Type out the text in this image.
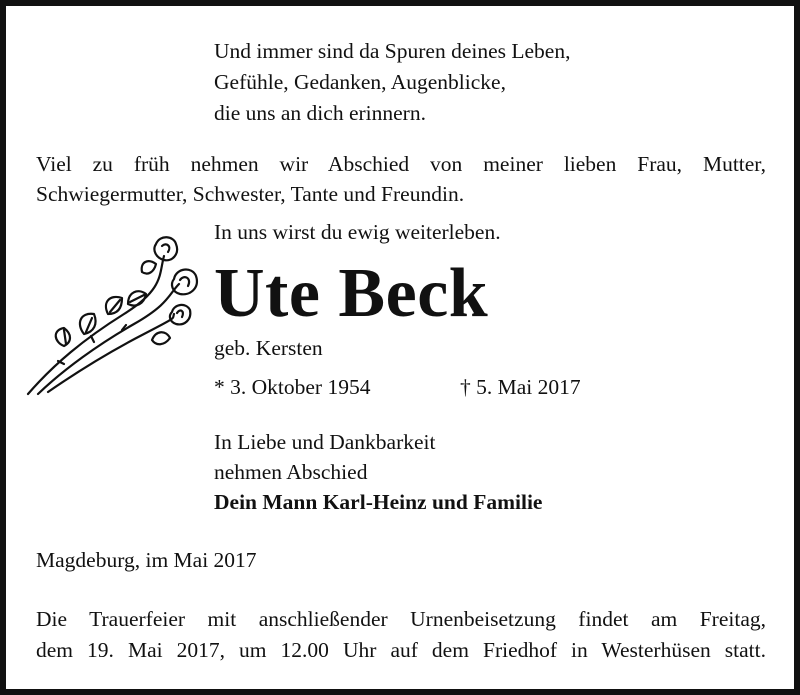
Und immer sind da Spuren deines Leben,
Gefühle, Gedanken, Augenblicke,
die uns an dich erinnern.
Viel zu früh nehmen wir Abschied von meiner lieben Frau, Mutter,
Schwiegermutter, Schwester, Tante und Freundin.
In uns wirst du ewig weiterleben.
Ute Beck
geb. Kersten
* 3. Oktober 1954	† 5. Mai 2017
In Liebe und Dankbarkeit
nehmen Abschied
Dein Mann Karl-Heinz und Familie
Magdeburg, im Mai 2017
Die Trauerfeier mit anschließender Urnenbeisetzung findet am Freitag,
dem 19. Mai 2017, um 12.00 Uhr auf dem Friedhof in Westerhüsen statt.
